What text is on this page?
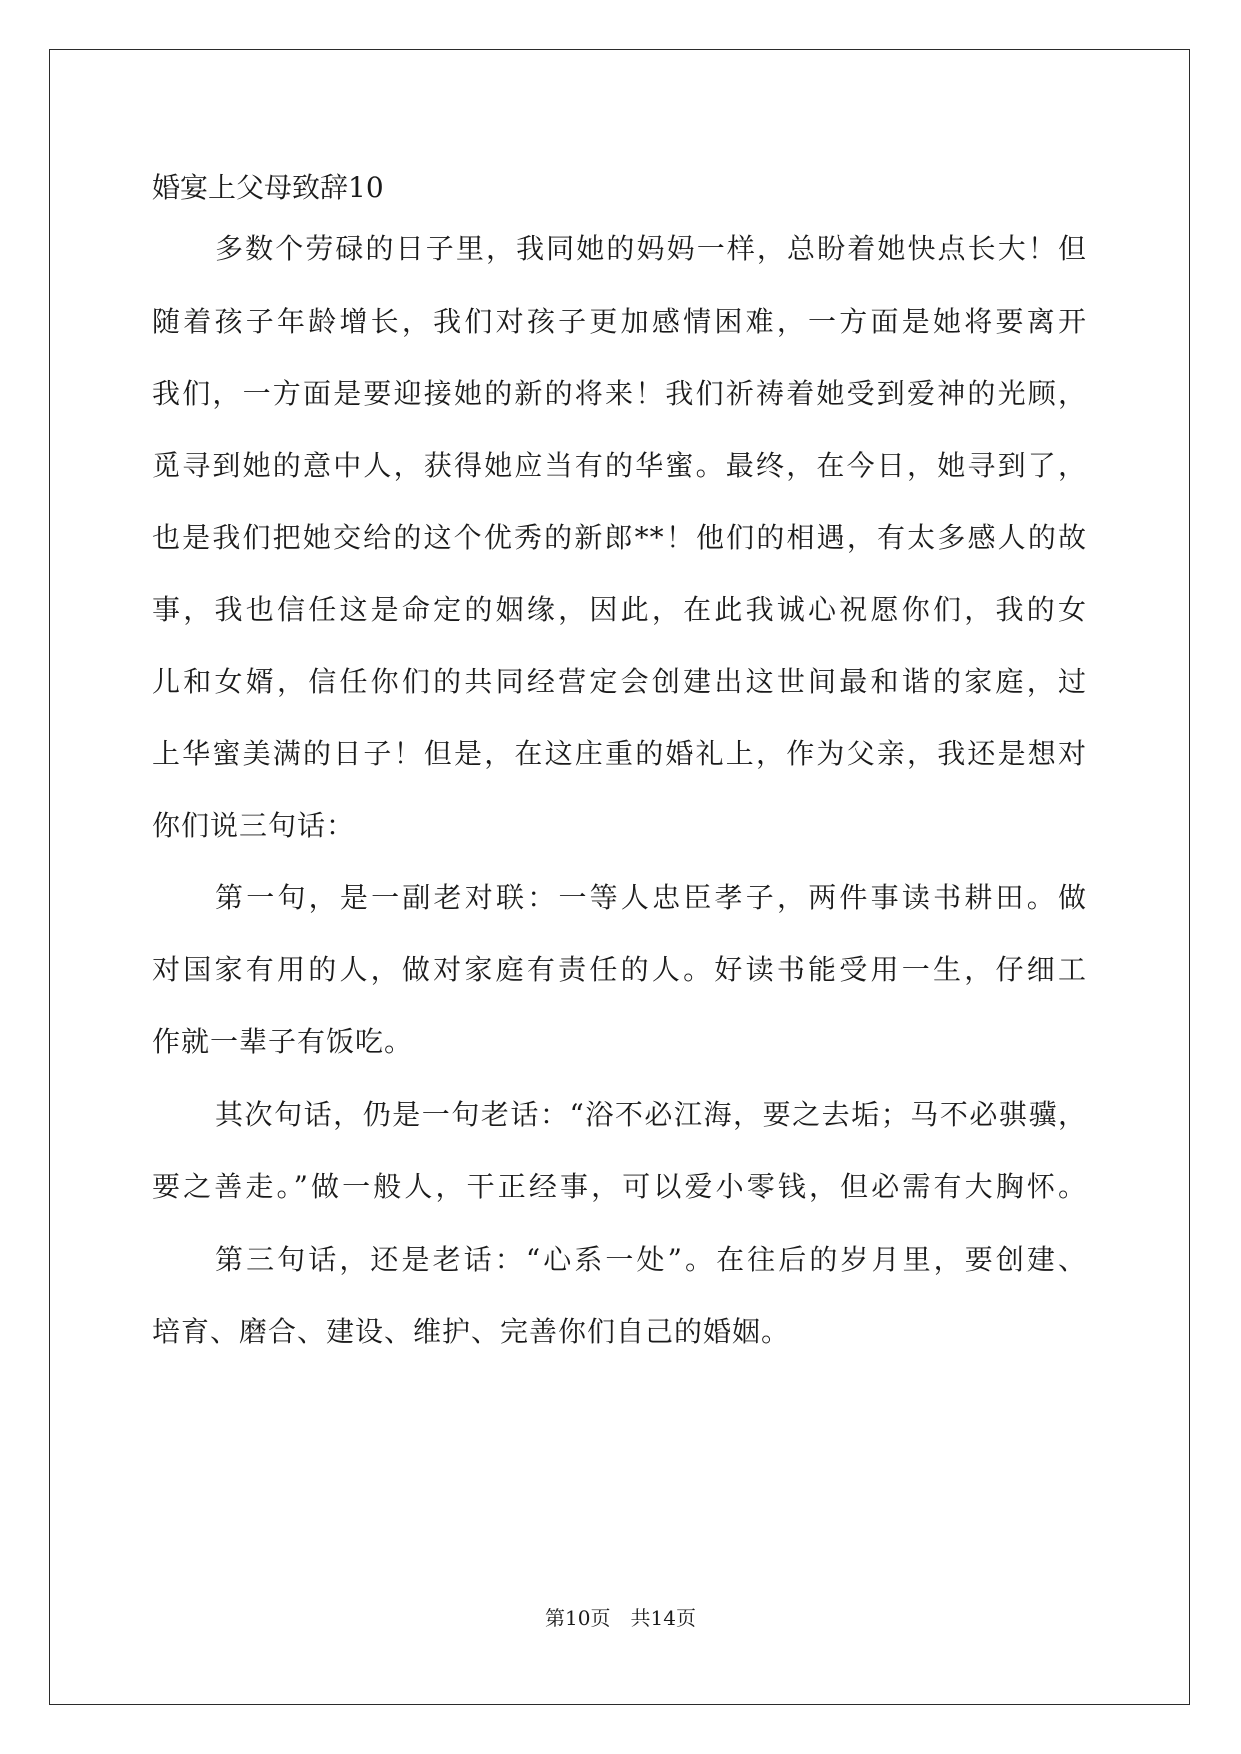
婚宴上父母致辞10
多数个劳碌的日子里，我同她的妈妈一样，总盼着她快点长大！但
随着孩子年龄增长，我们对孩子更加感情困难，一方面是她将要离开
我们，一方面是要迎接她的新的将来！我们祈祷着她受到爱神的光顾，
觅寻到她的意中人，获得她应当有的华蜜。最终，在今日，她寻到了，
也是我们把她交给的这个优秀的新郎**！他们的相遇，有太多感人的故
事，我也信任这是命定的姻缘，因此，在此我诚心祝愿你们，我的女
儿和女婿，信任你们的共同经营定会创建出这世间最和谐的家庭，过
上华蜜美满的日子！但是，在这庄重的婚礼上，作为父亲，我还是想对
你们说三句话：
第一句，是一副老对联：一等人忠臣孝子，两件事读书耕田。做
对国家有用的人，做对家庭有责任的人。好读书能受用一生，仔细工
作就一辈子有饭吃。
其次句话，仍是一句老话：“浴不必江海，要之去垢；马不必骐骥，
要之善走。”做一般人，干正经事，可以爱小零钱，但必需有大胸怀。
第三句话，还是老话：“心系一处”。在往后的岁月里，要创建、
培育、磨合、建设、维护、完善你们自己的婚姻。
第10页　共14页
